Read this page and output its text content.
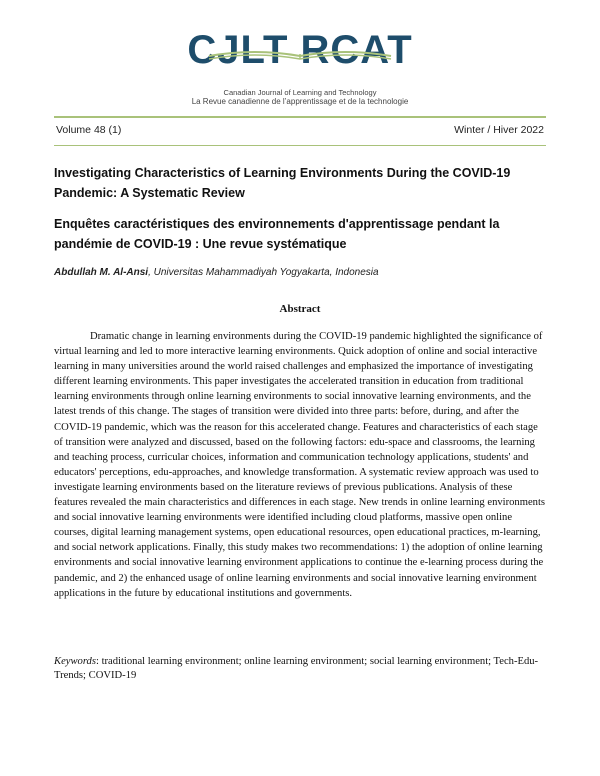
CJLT RCAT
Canadian Journal of Learning and Technology
La Revue canadienne de l’apprentissage et de la technologie
Volume 48 (1)	Winter / Hiver 2022
Investigating Characteristics of Learning Environments During the COVID-19 Pandemic: A Systematic Review
Enquêtes caractéristiques des environnements d'apprentissage pendant la pandémie de COVID-19 : Une revue systématique
Abdullah M. Al-Ansi, Universitas Mahammadiyah Yogyakarta, Indonesia
Abstract

Dramatic change in learning environments during the COVID-19 pandemic highlighted the significance of virtual learning and led to more interactive learning environments. Quick adoption of online and social interactive learning in many universities around the world raised challenges and emphasized the importance of investigating different learning environments. This paper investigates the accelerated transition in education from traditional learning environments through online learning environments to social innovative learning environments, and the latest trends of this change. The stages of transition were divided into three parts: before, during, and after the COVID-19 pandemic, which was the reason for this accelerated change. Features and characteristics of each stage of transition were analyzed and discussed, based on the following factors: edu-space and classrooms, the learning and teaching process, curricular choices, information and communication technology applications, students' and educators' perceptions, edu-approaches, and knowledge transformation. A systematic review approach was used to investigate learning environments based on the literature reviews of previous publications. Analysis of these features revealed the main characteristics and differences in each stage. New trends in online learning environments and social innovative learning environments were identified including cloud platforms, massive open online courses, digital learning management systems, open educational resources, open educational practices, m-learning, and social network applications. Finally, this study makes two recommendations: 1) the adoption of online learning environments and social innovative learning environment applications to continue the e-learning process during the pandemic, and 2) the enhanced usage of online learning environments and social innovative learning environment applications in the future by educational institutions and governments.

Keywords: traditional learning environment; online learning environment; social learning environment; Tech-Edu-Trends; COVID-19
